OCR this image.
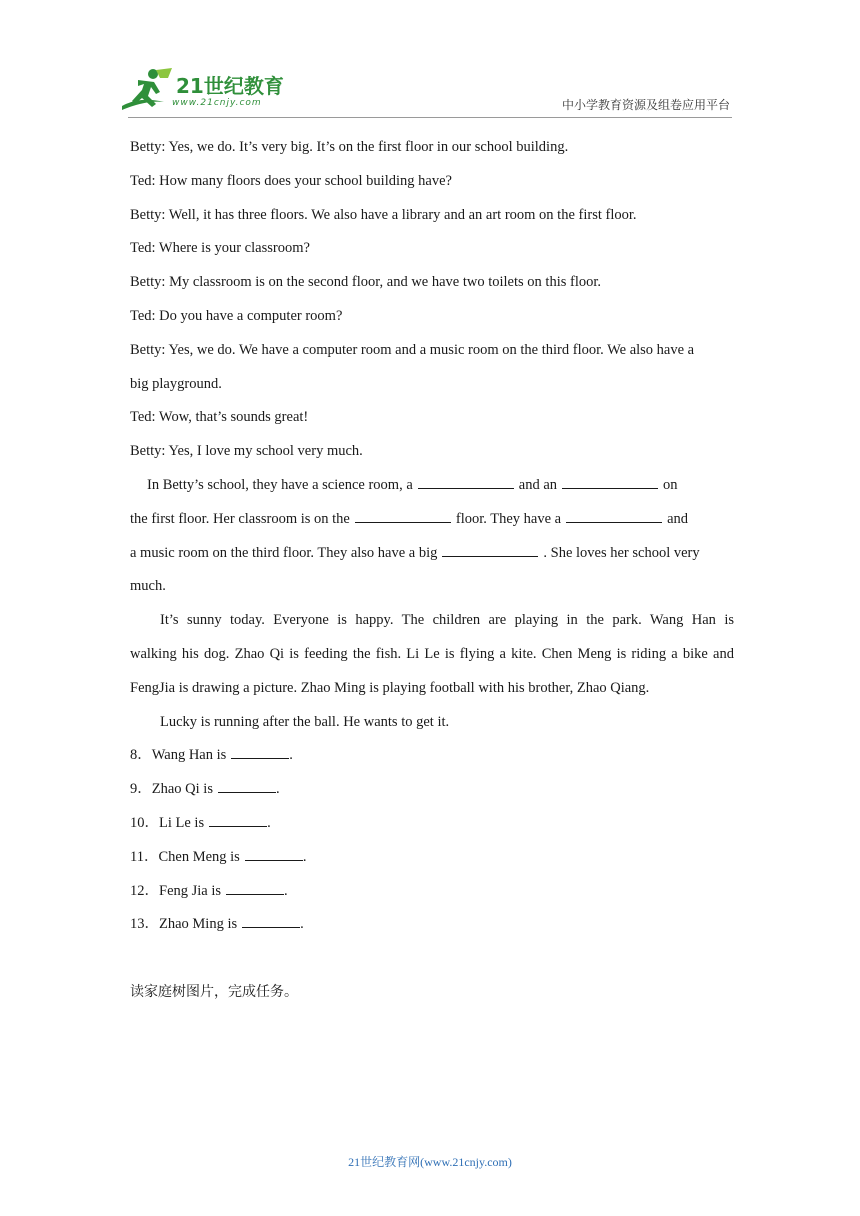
21世纪教育
www.21cnjy.com	中小学教育资源及组卷应用平台
Betty: Yes, we do. It’s very big. It’s on the first floor in our school building.
Ted: How many floors does your school building have?
Betty: Well, it has three floors. We also have a library and an art room on the first floor.
Ted: Where is your classroom?
Betty: My classroom is on the second floor, and we have two toilets on this floor.
Ted: Do you have a computer room?
Betty: Yes, we do. We have a computer room and a music room on the third floor. We also have a
big playground.
Ted: Wow, that’s sounds great!
Betty: Yes, I love my school very much.
In Betty’s school, they have a science room, a	and an	on
the first floor. Her classroom is on the	floor. They have a	and
a music room on the third floor. They also have a big	. She loves her school very
much.
It’s sunny today. Everyone is happy. The children are playing in the park. Wang Han is
walking his dog. Zhao Qi is feeding the fish. Li Le is flying a kite. Chen Meng is riding a bike and
FengJia is drawing a picture. Zhao Ming is playing football with his brother, Zhao Qiang.
Lucky is running after the ball. He wants to get it.
8．Wang Han is	.
9．Zhao Qi is	.
10．Li Le is	.
11．Chen Meng is	.
12．Feng Jia is	.
13．Zhao Ming is	.
读家庭树图片，完成任务。
21世纪教育网(www.21cnjy.com)
